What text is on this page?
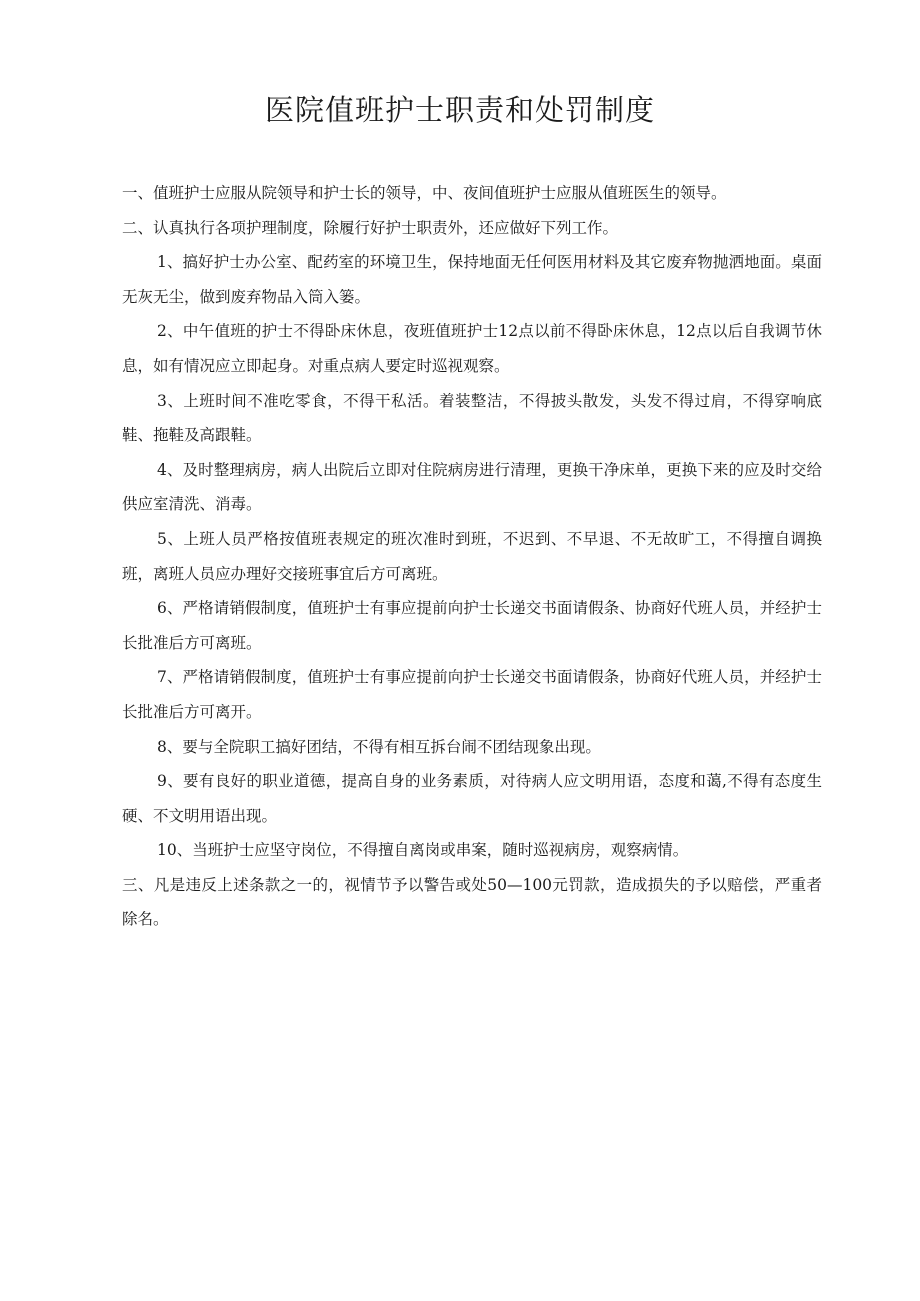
医院值班护士职责和处罚制度

一、值班护士应服从院领导和护士长的领导，中、夜间值班护士应服从值班医生的领导。

二、认真执行各项护理制度，除履行好护士职责外，还应做好下列工作。

1、搞好护士办公室、配药室的环境卫生，保持地面无任何医用材料及其它废弃物抛洒地面。桌面无灰无尘，做到废弃物品入筒入篓。

2、中午值班的护士不得卧床休息，夜班值班护士12点以前不得卧床休息，12点以后自我调节休息，如有情况应立即起身。对重点病人要定时巡视观察。

3、上班时间不准吃零食，不得干私活。着装整洁，不得披头散发，头发不得过肩，不得穿响底鞋、拖鞋及高跟鞋。

4、及时整理病房，病人出院后立即对住院病房进行清理，更换干净床单，更换下来的应及时交给供应室清洗、消毒。

5、上班人员严格按值班表规定的班次准时到班，不迟到、不早退、不无故旷工，不得擅自调换班，离班人员应办理好交接班事宜后方可离班。

6、严格请销假制度，值班护士有事应提前向护士长递交书面请假条、协商好代班人员，并经护士长批准后方可离班。

7、严格请销假制度，值班护士有事应提前向护士长递交书面请假条，协商好代班人员，并经护士长批准后方可离开。

8、要与全院职工搞好团结，不得有相互拆台闹不团结现象出现。

9、要有良好的职业道德，提高自身的业务素质，对待病人应文明用语，态度和蔼,不得有态度生硬、不文明用语出现。

10、当班护士应坚守岗位，不得擅自离岗或串案，随时巡视病房，观察病情。

三、凡是违反上述条款之一的，视情节予以警告或处50—100元罚款，造成损失的予以赔偿，严重者除名。
